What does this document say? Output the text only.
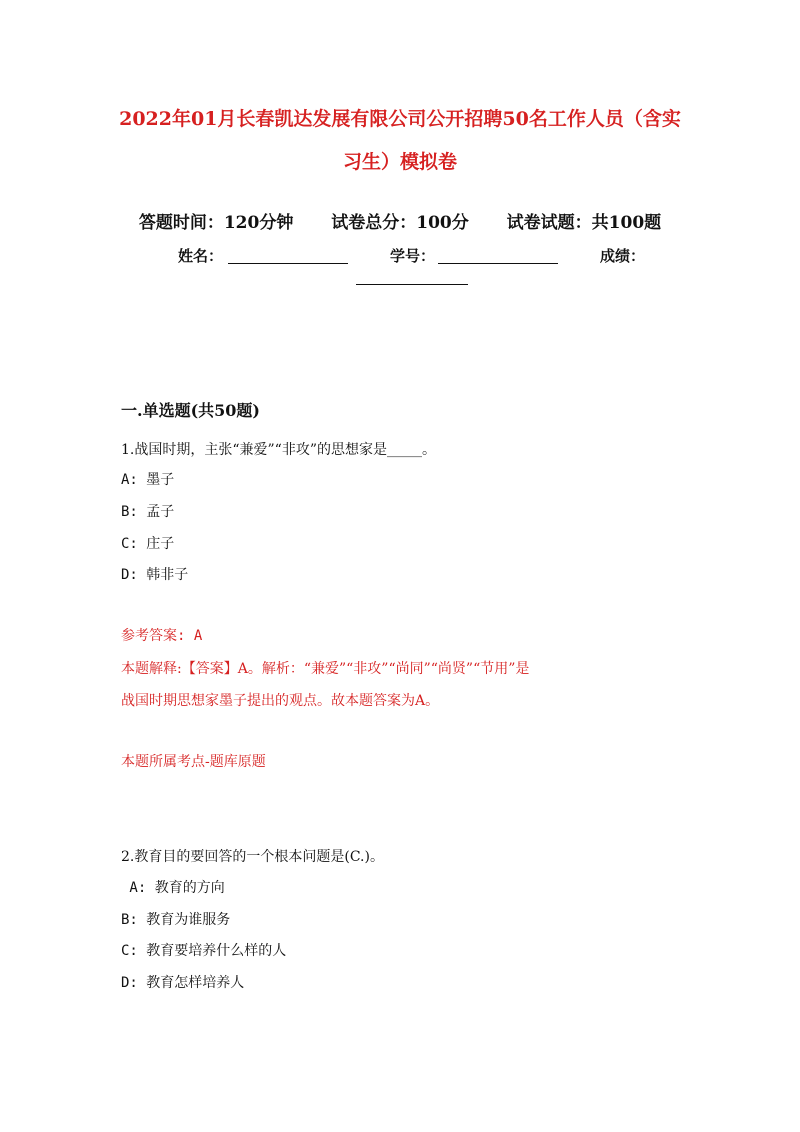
2022年01月长春凯达发展有限公司公开招聘50名工作人员（含实
习生）模拟卷
答题时间：120分钟 试卷总分：100分 试卷试题：共100题
姓名：	学号：	成绩：
一.单选题(共50题)
1.战国时期，主张“兼爱”“非攻”的思想家是_____。
A: 墨子
B: 孟子
C: 庄子
D: 韩非子
参考答案: A
本题解释:【答案】A。解析：“兼爱”“非攻”“尚同”“尚贤”“节用”是
战国时期思想家墨子提出的观点。故本题答案为A。
本题所属考点-题库原题
2.教育目的要回答的一个根本问题是(C.)。
A: 教育的方向
B: 教育为谁服务
C: 教育要培养什么样的人
D: 教育怎样培养人
